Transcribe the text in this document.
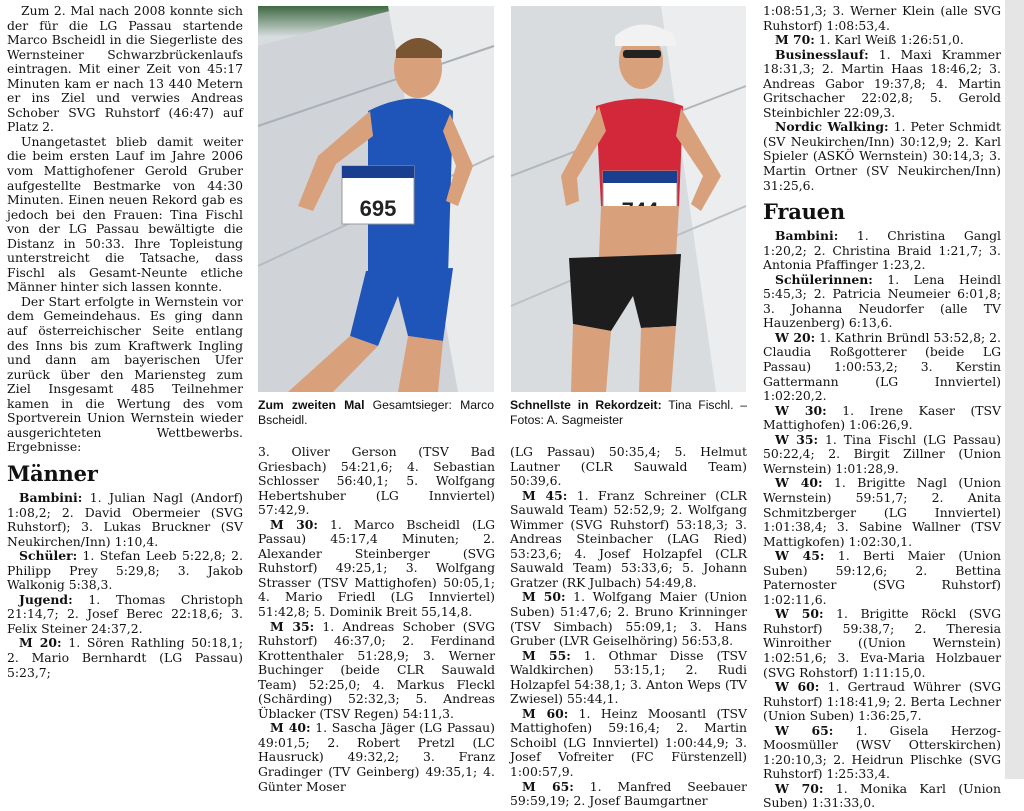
Zum 2. Mal nach 2008 konnte sich der für die LG Passau startende Marco Bscheidl in die Siegerliste des Wernsteiner Schwarzbrückenlaufs eintragen. Mit einer Zeit von 45:17 Minuten kam er nach 13 440 Metern er ins Ziel und verwies Andreas Schober SVG Ruhstorf (46:47) auf Platz 2.

Unangetastet blieb damit weiter die beim ersten Lauf im Jahre 2006 vom Mattighofener Gerold Gruber aufgestellte Bestmarke von 44:30 Minuten. Einen neuen Rekord gab es jedoch bei den Frauen: Tina Fischl von der LG Passau bewältigte die Distanz in 50:33. Ihre Topleistung unterstreicht die Tatsache, dass Fischl als Gesamt-Neunte etliche Männer hinter sich lassen konnte.

Der Start erfolgte in Wernstein vor dem Gemeindehaus. Es ging dann auf österreichischer Seite entlang des Inns bis zum Kraftwerk Ingling und dann am bayerischen Ufer zurück über den Mariensteg zum Ziel Insgesamt 485 Teilnehmer kamen in die Wertung des vom Sportverein Union Wernstein wieder ausgerichteten Wettbewerbs. Ergebnisse:

Männer

Bambini: 1. Julian Nagl (Andorf) 1:08,2; 2. David Obermeier (SVG Ruhstorf); 3. Lukas Bruckner (SV Neukirchen/Inn) 1:10,4.

Schüler: 1. Stefan Leeb 5:22,8; 2. Philipp Prey 5:29,8; 3. Jakob Walkonig 5:38,3.

Jugend: 1. Thomas Christoph 21:14,7; 2. Josef Berec 22:18,6; 3. Felix Steiner 24:37,2.

M 20: 1. Sören Rathling 50:18,1; 2. Mario Bernhardt (LG Passau) 5:23,7;

695

Zum zweiten Mal Gesamtsieger: Marco Bscheidl.

Schnellste in Rekordzeit: Tina Fischl. – Fotos: A. Sagmeister

3. Oliver Gerson (TSV Bad Griesbach) 54:21,6; 4. Sebastian Schlosser 56:40,1; 5. Wolfgang Hebertshuber (LG Innviertel) 57:42,9.

M 30: 1. Marco Bscheidl (LG Passau) 45:17,4 Minuten; 2. Alexander Steinberger (SVG Ruhstorf) 49:25,1; 3. Wolfgang Strasser (TSV Mattighofen) 50:05,1; 4. Mario Friedl (LG Innviertel) 51:42,8; 5. Dominik Breit 55,14,8.

M 35: 1. Andreas Schober (SVG Ruhstorf) 46:37,0; 2. Ferdinand Krottenthaler 51:28,9; 3. Werner Buchinger (beide CLR Sauwald Team) 52:25,0; 4. Markus Fleckl (Schärding) 52:32,3; 5. Andreas Üblacker (TSV Regen) 54:11,3.

M 40: 1. Sascha Jäger (LG Passau) 49:01,5; 2. Robert Pretzl (LC Hausruck) 49:32,2; 3. Franz Gradinger (TV Geinberg) 49:35,1; 4. Günter Moser

(LG Passau) 50:35,4; 5. Helmut Lautner (CLR Sauwald Team) 50:39,6.

M 45: 1. Franz Schreiner (CLR Sauwald Team) 52:52,9; 2. Wolfgang Wimmer (SVG Ruhstorf) 53:18,3; 3. Andreas Steinbacher (LAG Ried) 53:23,6; 4. Josef Holzapfel (CLR Sauwald Team) 53:33,6; 5. Johann Gratzer (RK Julbach) 54:49,8.

M 50: 1. Wolfgang Maier (Union Suben) 51:47,6; 2. Bruno Krinninger (TSV Simbach) 55:09,1; 3. Hans Gruber (LVR Geiselhöring) 56:53,8.

M 55: 1. Othmar Disse (TSV Waldkirchen) 53:15,1; 2. Rudi Holzapfel 54:38,1; 3. Anton Weps (TV Zwiesel) 55:44,1.

M 60: 1. Heinz Moosantl (TSV Mattighofen) 59:16,4; 2. Martin Schoibl (LG Innviertel) 1:00:44,9; 3. Josef Vofreiter (FC Fürstenzell) 1:00:57,9.

M 65: 1. Manfred Seebauer 59:59,19; 2. Josef Baumgartner

1:08:51,3; 3. Werner Klein (alle SVG Ruhstorf) 1:08:53,4.

M 70: 1. Karl Weiß 1:26:51,0.

Businesslauf: 1. Maxi Krammer 18:31,3; 2. Martin Haas 18:46,2; 3. Andreas Gabor 19:37,8; 4. Martin Gritschacher 22:02,8; 5. Gerold Steinbichler 22:09,3.

Nordic Walking: 1. Peter Schmidt (SV Neukirchen/Inn) 30:12,9; 2. Karl Spieler (ASKÖ Wernstein) 30:14,3; 3. Martin Ortner (SV Neukirchen/Inn) 31:25,6.

Frauen

Bambini: 1. Christina Gangl 1:20,2; 2. Christina Braid 1:21,7; 3. Antonia Pfaffinger 1:23,2.

Schülerinnen: 1. Lena Heindl 5:45,3; 2. Patricia Neumeier 6:01,8; 3. Johanna Neudorfer (alle TV Hauzenberg) 6:13,6.

W 20: 1. Kathrin Bründl 53:52,8; 2. Claudia Roßgotterer (beide LG Passau) 1:00:53,2; 3. Kerstin Gattermann (LG Innviertel) 1:02:20,2.

W 30: 1. Irene Kaser (TSV Mattighofen) 1:06:26,9.

W 35: 1. Tina Fischl (LG Passau) 50:22,4; 2. Birgit Zillner (Union Wernstein) 1:01:28,9.

W 40: 1. Brigitte Nagl (Union Wernstein) 59:51,7; 2. Anita Schmitzberger (LG Innviertel) 1:01:38,4; 3. Sabine Wallner (TSV Mattigkofen) 1:02:30,1.

W 45: 1. Berti Maier (Union Suben) 59:12,6; 2. Bettina Paternoster (SVG Ruhstorf) 1:02:11,6.

W 50: 1. Brigitte Röckl (SVG Ruhstorf) 59:38,7; 2. Theresia Winroither ((Union Wernstein) 1:02:51,6; 3. Eva-Maria Holzbauer (SVG Rohstorf) 1:11:15,0.

W 60: 1. Gertraud Wührer (SVG Ruhstorf) 1:18:41,9; 2. Berta Lechner (Union Suben) 1:36:25,7.

W 65: 1. Gisela Herzog-Moosmüller (WSV Otterskirchen) 1:20:10,3; 2. Heidrun Plischke (SVG Ruhstorf) 1:25:33,4.

W 70: 1. Monika Karl (Union Suben) 1:31:33,0.
